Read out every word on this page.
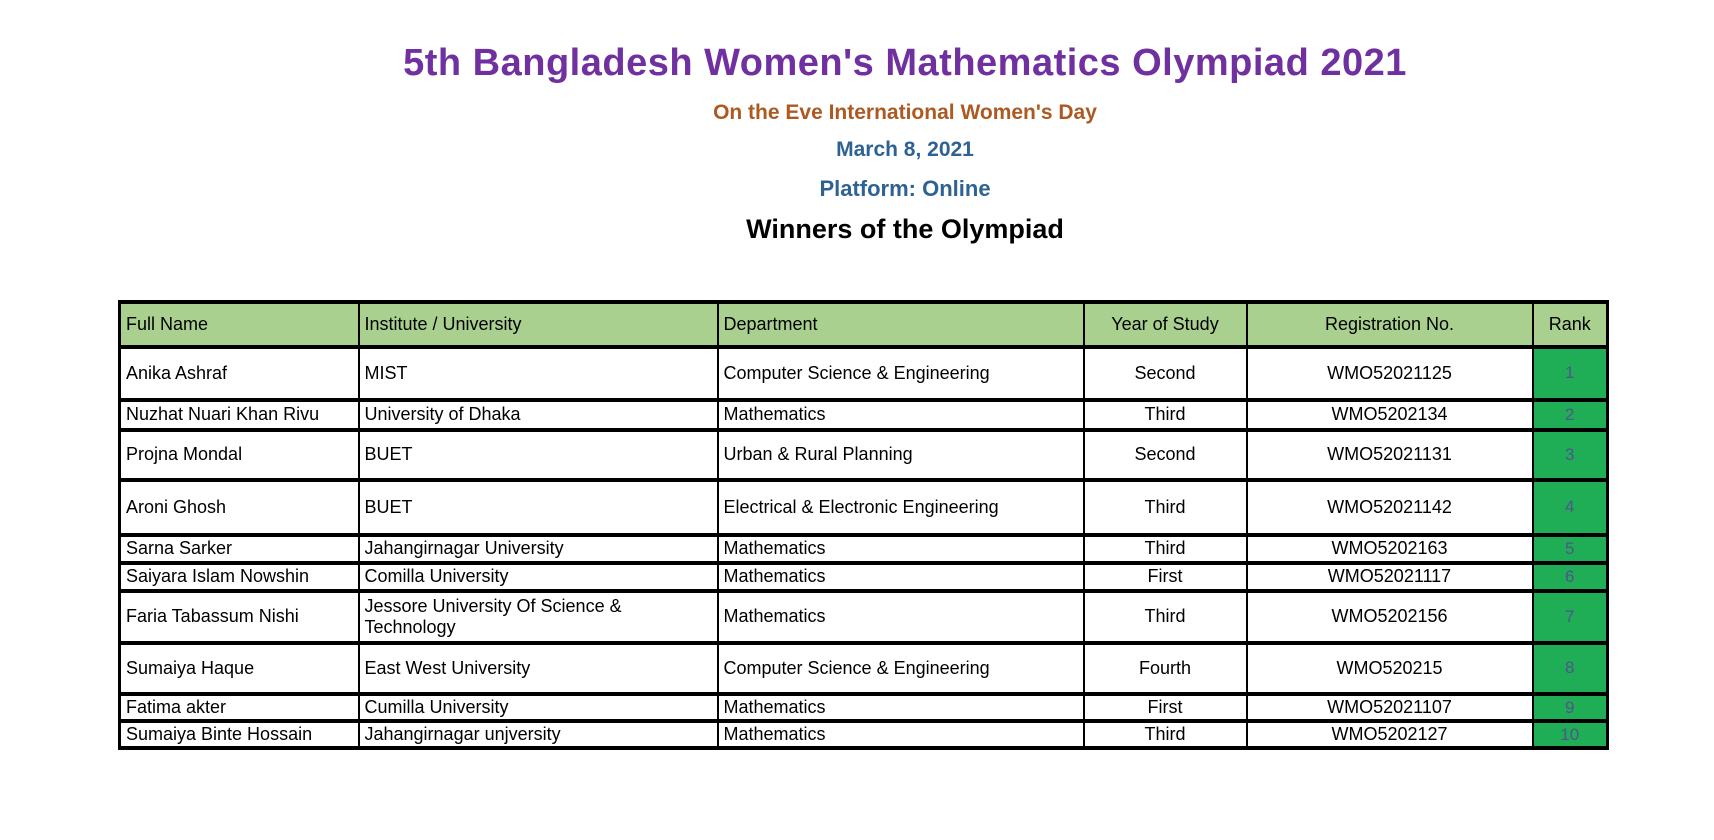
5th Bangladesh Women's Mathematics Olympiad 2021
On the Eve International Women's Day
March 8, 2021
Platform: Online
Winners of the Olympiad
Full Name	Institute / University	Department	Year of Study	Registration No.	Rank
Anika Ashraf	MIST	Computer Science & Engineering	Second	WMO52021125	1
Nuzhat Nuari Khan Rivu	University of Dhaka	Mathematics	Third	WMO5202134	2
Projna Mondal	BUET	Urban & Rural Planning	Second	WMO52021131	3
Aroni Ghosh	BUET	Electrical & Electronic Engineering	Third	WMO52021142	4
Sarna Sarker	Jahangirnagar University	Mathematics	Third	WMO5202163	5
Saiyara Islam Nowshin	Comilla University	Mathematics	First	WMO52021117	6
Faria Tabassum Nishi	Jessore University Of Science & Technology	Mathematics	Third	WMO5202156	7
Sumaiya Haque	East West University	Computer Science & Engineering	Fourth	WMO520215	8
Fatima akter	Cumilla University	Mathematics	First	WMO52021107	9
Sumaiya Binte Hossain	Jahangirnagar unjversity	Mathematics	Third	WMO5202127	10
